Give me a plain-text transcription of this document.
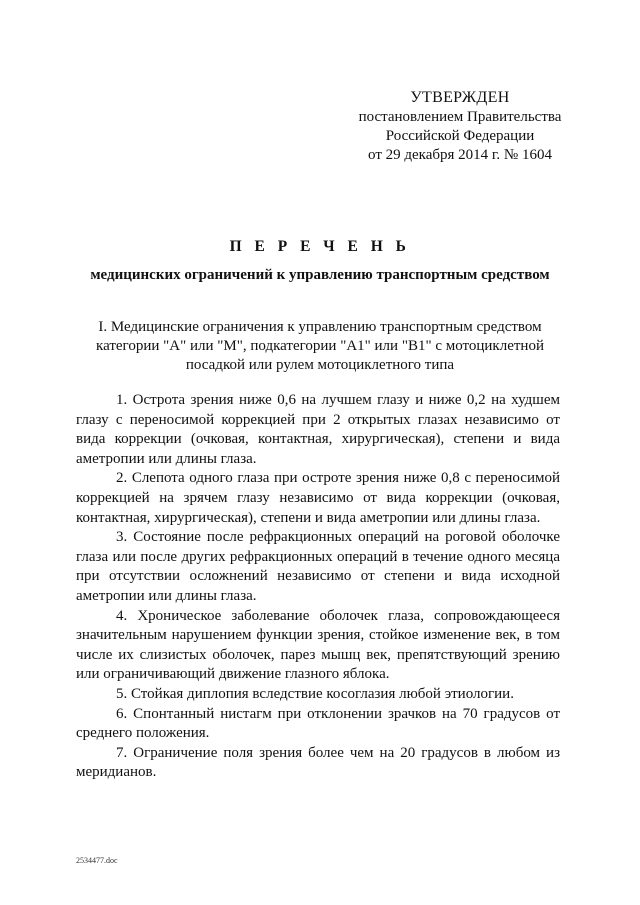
УТВЕРЖДЕН
постановлением Правительства
Российской Федерации
от 29 декабря 2014 г. № 1604
П Е Р Е Ч Е Н Ь
медицинских ограничений к управлению транспортным средством
I. Медицинские ограничения к управлению транспортным средством
категории "A" или "M", подкатегории "A1" или "B1" с мотоциклетной
посадкой или рулем мотоциклетного типа

1. Острота зрения ниже 0,6 на лучшем глазу и ниже 0,2 на худшем глазу с переносимой коррекцией при 2 открытых глазах независимо от вида коррекции (очковая, контактная, хирургическая), степени и вида аметропии или длины глаза.

2. Слепота одного глаза при остроте зрения ниже 0,8 с переносимой коррекцией на зрячем глазу независимо от вида коррекции (очковая, контактная, хирургическая), степени и вида аметропии или длины глаза.

3. Состояние после рефракционных операций на роговой оболочке глаза или после других рефракционных операций в течение одного месяца при отсутствии осложнений независимо от степени и вида исходной аметропии или длины глаза.

4. Хроническое заболевание оболочек глаза, сопровождающееся значительным нарушением функции зрения, стойкое изменение век, в том числе их слизистых оболочек, парез мышц век, препятствующий зрению или ограничивающий движение глазного яблока.

5. Стойкая диплопия вследствие косоглазия любой этиологии.

6. Спонтанный нистагм при отклонении зрачков на 70 градусов от среднего положения.

7. Ограничение поля зрения более чем на 20 градусов в любом из меридианов.

2534477.doc
